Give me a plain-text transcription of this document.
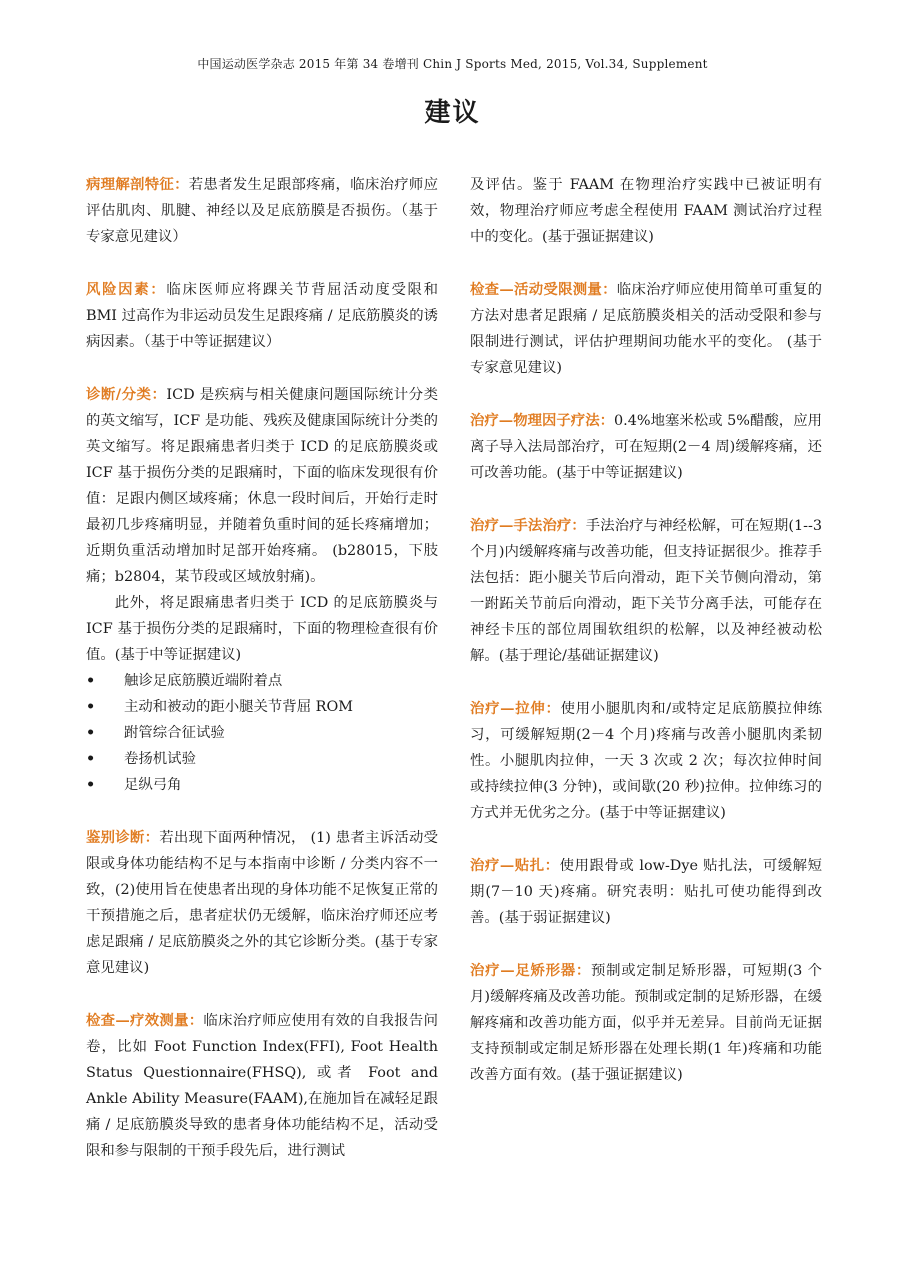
中国运动医学杂志 2015 年第 34 卷增刊 Chin J Sports Med, 2015, Vol.34, Supplement
建议

病理解剖特征：若患者发生足跟部疼痛，临床治疗师应评估肌肉、肌腱、神经以及足底筋膜是否损伤。（基于专家意见建议）

风险因素：临床医师应将踝关节背屈活动度受限和 BMI 过高作为非运动员发生足跟疼痛 / 足底筋膜炎的诱病因素。（基于中等证据建议）

诊断/分类：ICD 是疾病与相关健康问题国际统计分类的英文缩写，ICF 是功能、残疾及健康国际统计分类的英文缩写。将足跟痛患者归类于 ICD 的足底筋膜炎或 ICF 基于损伤分类的足跟痛时，下面的临床发现很有价值：足跟内侧区域疼痛；休息一段时间后，开始行走时最初几步疼痛明显，并随着负重时间的延长疼痛增加；近期负重活动增加时足部开始疼痛。 (b28015，下肢痛；b2804，某节段或区域放射痛)。

此外，将足跟痛患者归类于 ICD 的足底筋膜炎与 ICF 基于损伤分类的足跟痛时，下面的物理检查很有价值。(基于中等证据建议)

• 触诊足底筋膜近端附着点
• 主动和被动的距小腿关节背屈 ROM
• 跗管综合征试验
• 卷扬机试验
• 足纵弓角

鉴别诊断：若出现下面两种情况， (1) 患者主诉活动受限或身体功能结构不足与本指南中诊断 / 分类内容不一致，(2)使用旨在使患者出现的身体功能不足恢复正常的干预措施之后，患者症状仍无缓解，临床治疗师还应考虑足跟痛 / 足底筋膜炎之外的其它诊断分类。(基于专家意见建议)

检查—疗效测量：临床治疗师应使用有效的自我报告问卷，比如 Foot Function Index(FFI), Foot Health Status Questionnaire(FHSQ), 或者 Foot and Ankle Ability Measure(FAAM),在施加旨在减轻足跟痛 / 足底筋膜炎导致的患者身体功能结构不足，活动受限和参与限制的干预手段先后，进行测试

及评估。鉴于 FAAM 在物理治疗实践中已被证明有效，物理治疗师应考虑全程使用 FAAM 测试治疗过程中的变化。(基于强证据建议)

检查—活动受限测量：临床治疗师应使用简单可重复的方法对患者足跟痛 / 足底筋膜炎相关的活动受限和参与限制进行测试，评估护理期间功能水平的变化。 (基于专家意见建议)

治疗—物理因子疗法：0.4%地塞米松或 5%醋酸，应用离子导入法局部治疗，可在短期(2－4 周)缓解疼痛，还可改善功能。(基于中等证据建议)

治疗—手法治疗：手法治疗与神经松解，可在短期(1--3 个月)内缓解疼痛与改善功能，但支持证据很少。推荐手法包括：距小腿关节后向滑动，距下关节侧向滑动，第一跗跖关节前后向滑动，距下关节分离手法，可能存在神经卡压的部位周围软组织的松解，以及神经被动松解。(基于理论/基础证据建议)

治疗—拉伸：使用小腿肌肉和/或特定足底筋膜拉伸练习，可缓解短期(2－4 个月)疼痛与改善小腿肌肉柔韧性。小腿肌肉拉伸，一天 3 次或 2 次；每次拉伸时间或持续拉伸(3 分钟)，或间歇(20 秒)拉伸。拉伸练习的方式并无优劣之分。(基于中等证据建议)

治疗—贴扎：使用跟骨或 low-Dye 贴扎法，可缓解短期(7－10 天)疼痛。研究表明：贴扎可使功能得到改善。(基于弱证据建议)

治疗—足矫形器：预制或定制足矫形器，可短期(3 个月)缓解疼痛及改善功能。预制或定制的足矫形器，在缓解疼痛和改善功能方面，似乎并无差异。目前尚无证据支持预制或定制足矫形器在处理长期(1 年)疼痛和功能改善方面有效。(基于强证据建议)
